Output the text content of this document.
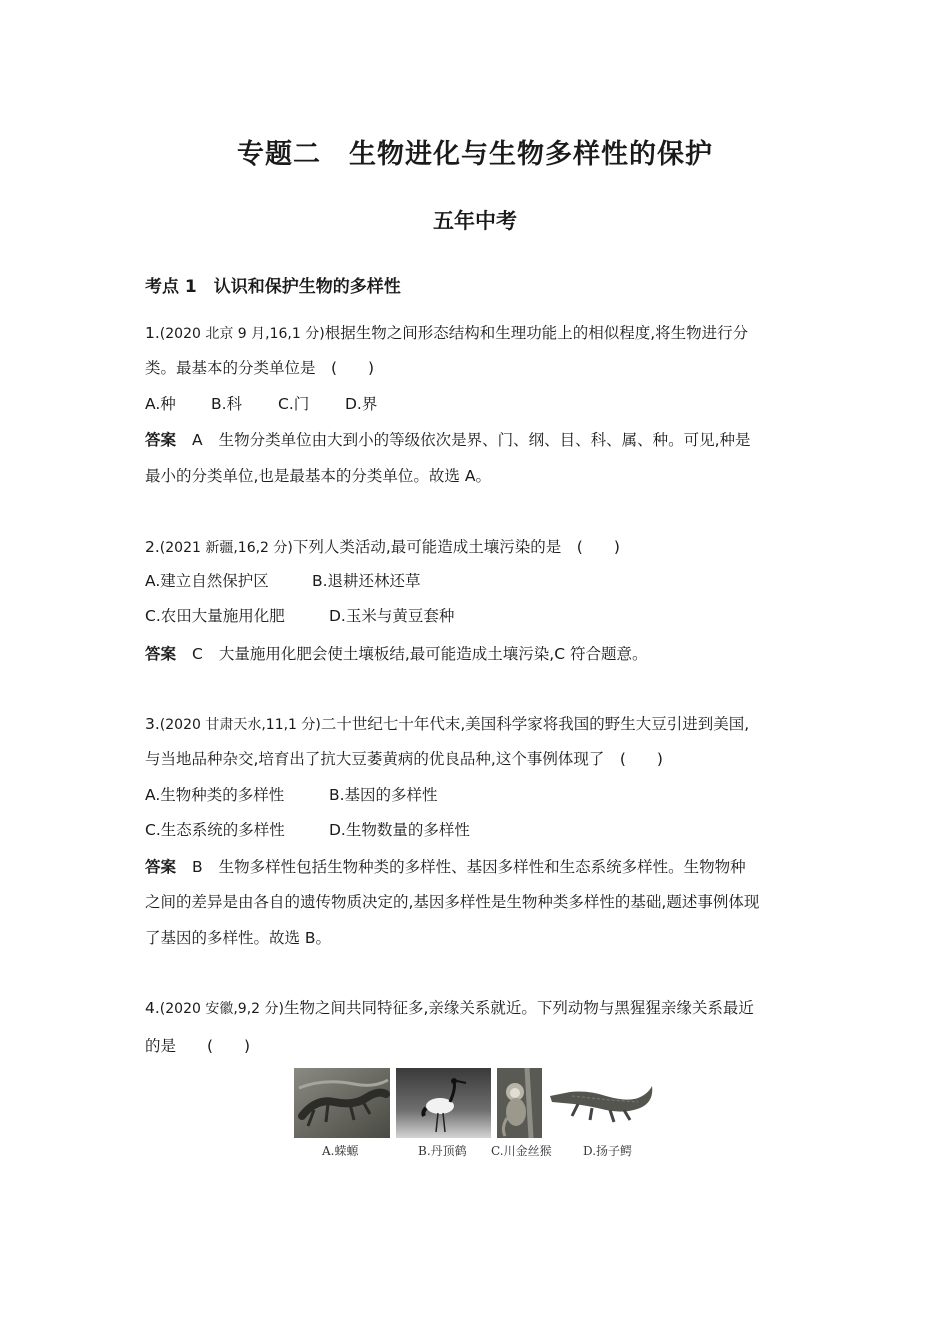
专题二　生物进化与生物多样性的保护
五年中考
考点 1　认识和保护生物的多样性
1.(2020 北京 9 月,16,1 分)根据生物之间形态结构和生理功能上的相似程度,将生物进行分
类。最基本的分类单位是　(　　)
A.种 B.科 C.门 D.界
答案 A 生物分类单位由大到小的等级依次是界、门、纲、目、科、属、种。可见,种是
最小的分类单位,也是最基本的分类单位。故选 A。
2.(2021 新疆,16,2 分)下列人类活动,最可能造成土壤污染的是　(　　)
A.建立自然保护区	B.退耕还林还草
C.农田大量施用化肥	D.玉米与黄豆套种
答案 C 大量施用化肥会使土壤板结,最可能造成土壤污染,C 符合题意。
3.(2020 甘肃天水,11,1 分)二十世纪七十年代末,美国科学家将我国的野生大豆引进到美国,
与当地品种杂交,培育出了抗大豆萎黄病的优良品种,这个事例体现了　(　　)
A.生物种类的多样性	B.基因的多样性
C.生态系统的多样性	D.生物数量的多样性
答案 B 生物多样性包括生物种类的多样性、基因多样性和生态系统多样性。生物物种
之间的差异是由各自的遗传物质决定的,基因多样性是生物种类多样性的基础,题述事例体现
了基因的多样性。故选 B。
4.(2020 安徽,9,2 分)生物之间共同特征多,亲缘关系就近。下列动物与黑猩猩亲缘关系最近
的是　　(　　)
A.蝾螈	B.丹顶鹤 C.川金丝猴	D.扬子鳄
